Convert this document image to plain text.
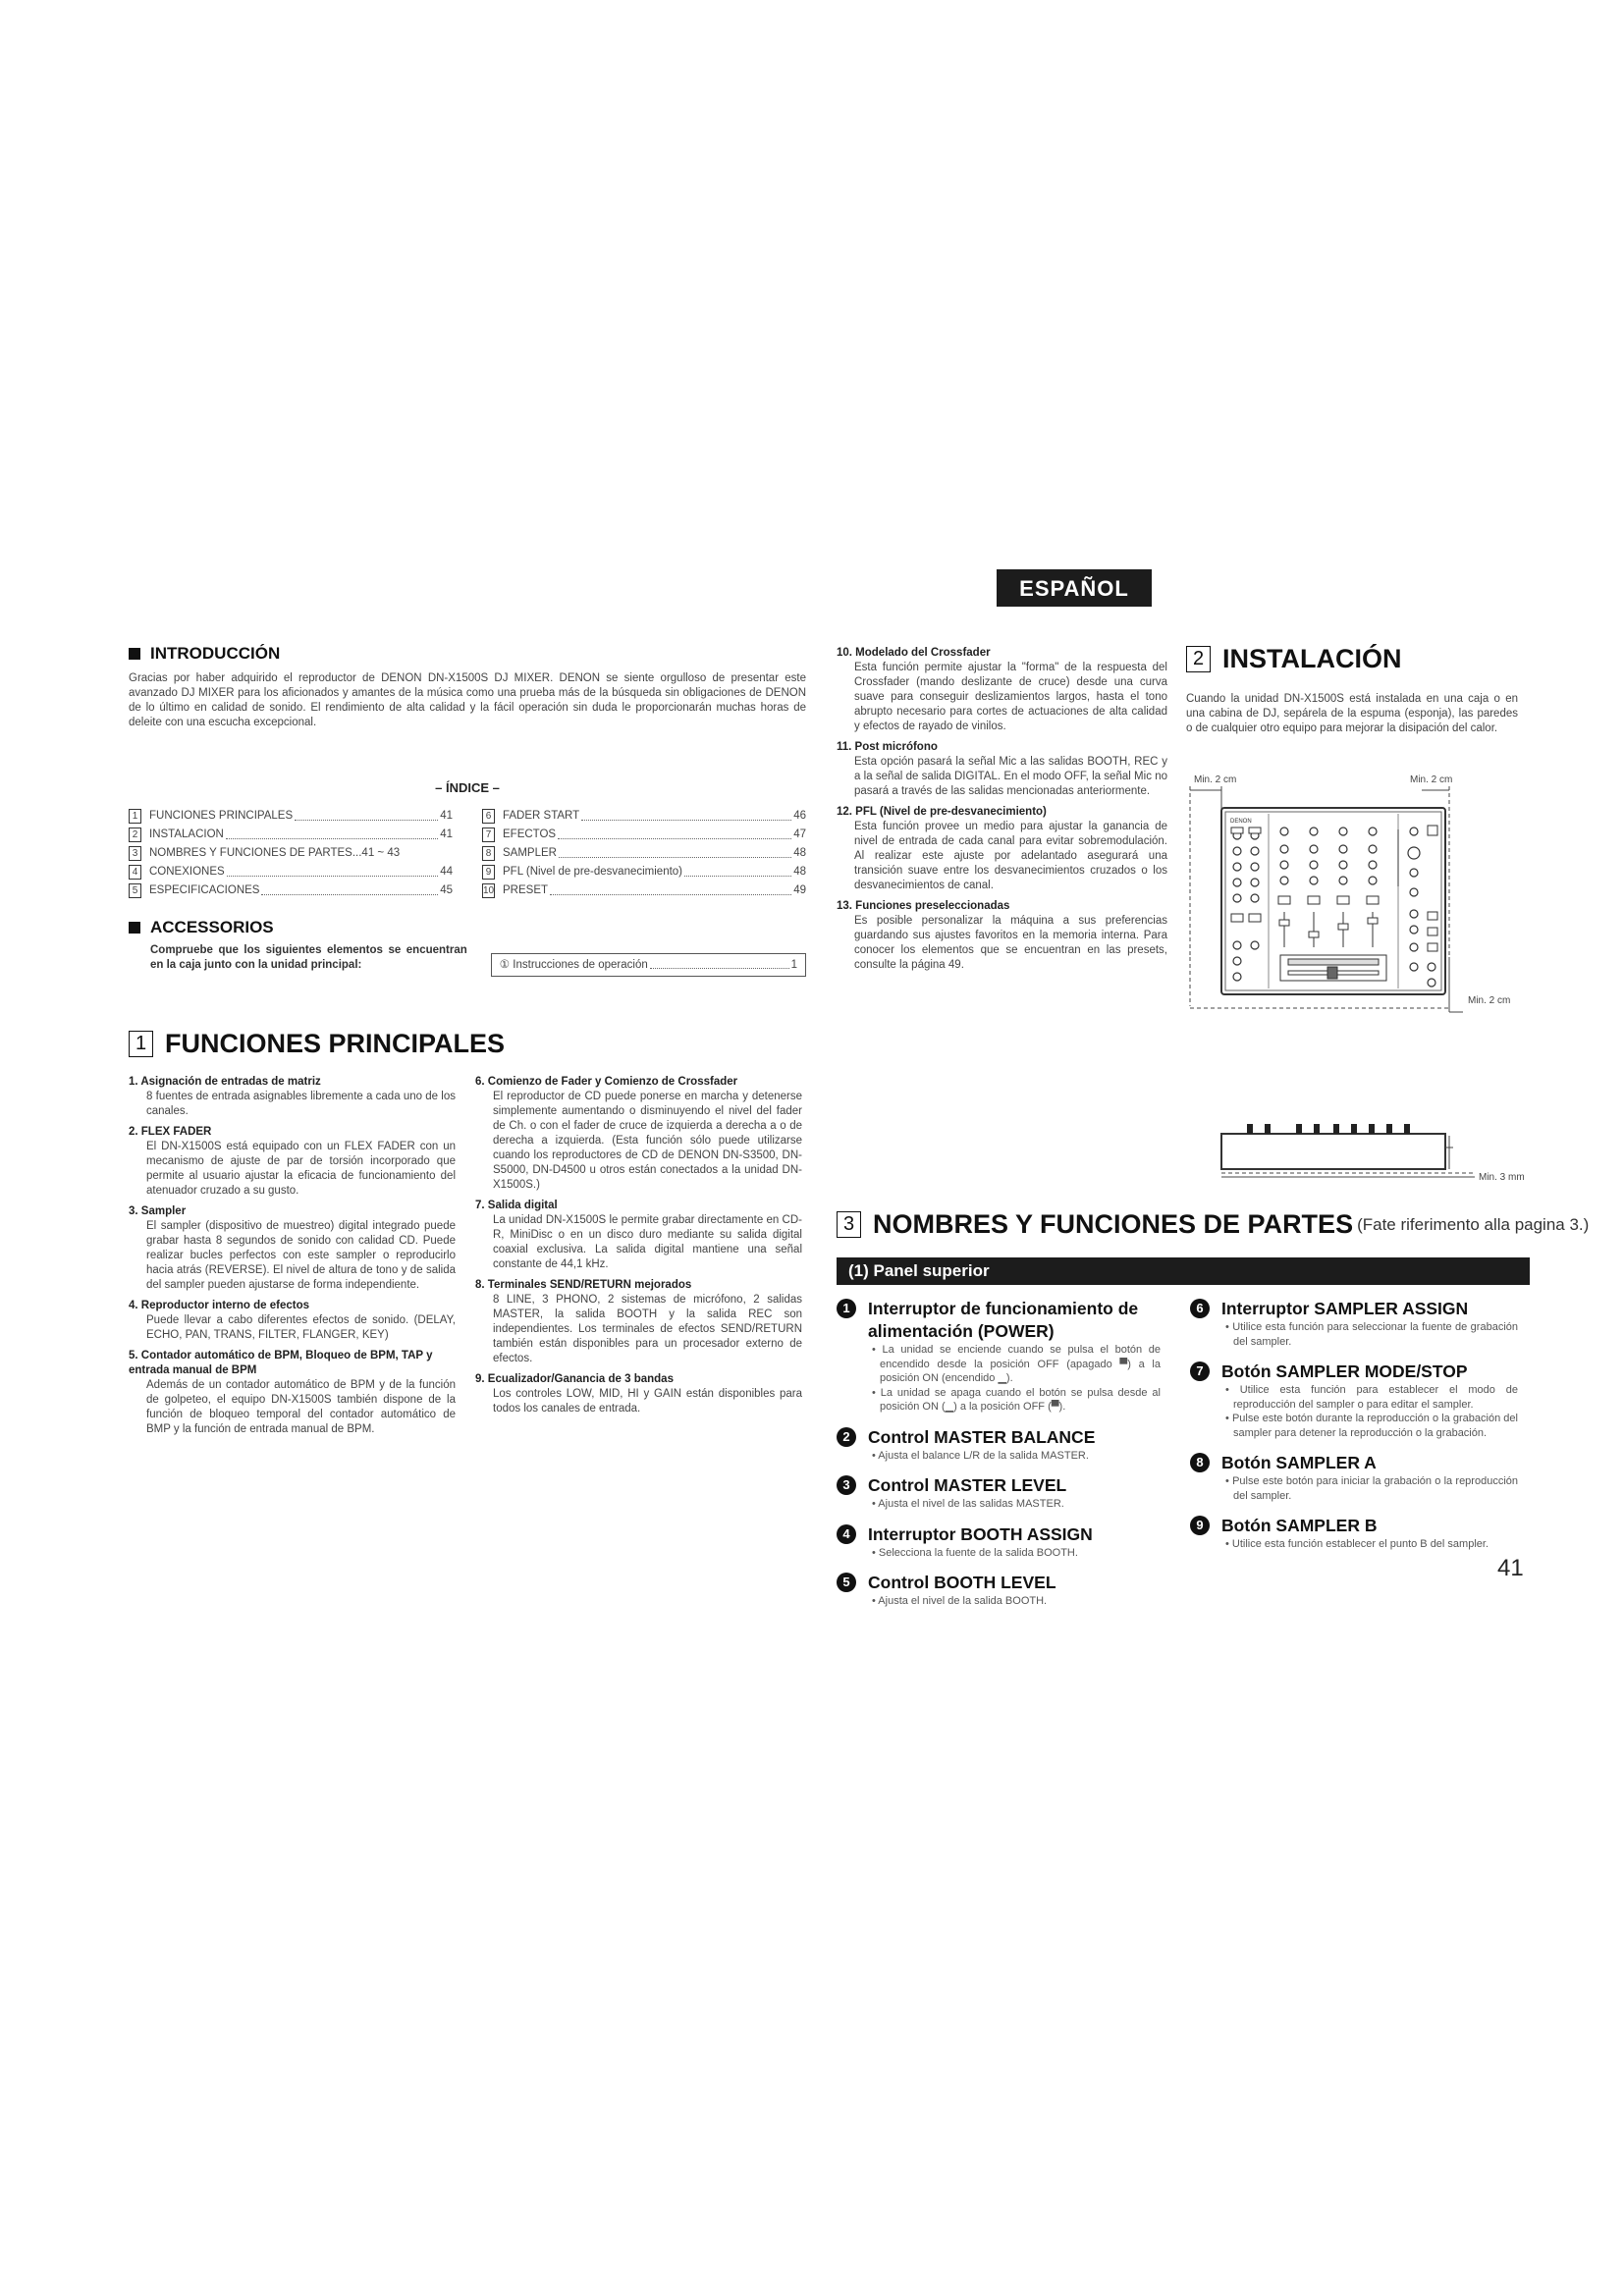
ESPAÑOL
INTRODUCCIÓN

Gracias por haber adquirido el reproductor de DENON DN-X1500S DJ MIXER. DENON se siente orgulloso de presentar este avanzado DJ MIXER para los aficionados y amantes de la música como una prueba más de la búsqueda sin obligaciones de DENON de lo último en calidad de sonido. El rendimiento de alta calidad y la fácil operación sin duda le proporcionarán muchas horas de deleite con una escucha excepcional.

– ÍNDICE –
1	FUNCIONES PRINCIPALES	41
2	INSTALACION	41
3	NOMBRES Y FUNCIONES DE PARTES...41 ~ 43
4	CONEXIONES	44
5	ESPECIFICACIONES	45
6	FADER START	46
7	EFECTOS	47
8	SAMPLER	48
9	PFL (Nivel de pre-desvanecimiento)	48
10 PRESET	49
ACCESSORIOS

Compruebe que los siguientes elementos se encuentran en la caja junto con la unidad principal:	① Instrucciones de operación	1
1 FUNCIONES PRINCIPALES
1. Asignación de entradas de matriz
8 fuentes de entrada asignables libremente a cada uno de los canales.
2. FLEX FADER
El DN-X1500S está equipado con un FLEX FADER con un mecanismo de ajuste de par de torsión incorporado que permite al usuario ajustar la eficacia de funcionamiento del atenuador cruzado a su gusto.
3. Sampler
El sampler (dispositivo de muestreo) digital integrado puede grabar hasta 8 segundos de sonido con calidad CD. Puede realizar bucles perfectos con este sampler o reproducirlo hacia atrás (REVERSE). El nivel de altura de tono y de salida del sampler pueden ajustarse de forma independiente.
4. Reproductor interno de efectos
Puede llevar a cabo diferentes efectos de sonido. (DELAY, ECHO, PAN, TRANS, FILTER, FLANGER, KEY)
5. Contador automático de BPM, Bloqueo de BPM, TAP y entrada manual de BPM
Además de un contador automático de BPM y de la función de golpeteo, el equipo DN-X1500S también dispone de la función de bloqueo temporal del contador automático de BMP y la función de entrada manual de BPM.
6. Comienzo de Fader y Comienzo de Crossfader
El reproductor de CD puede ponerse en marcha y detenerse simplemente aumentando o disminuyendo el nivel del fader de Ch. o con el fader de cruce de izquierda a derecha a o de derecha a izquierda. (Esta función sólo puede utilizarse cuando los reproductores de CD de DENON DN-S3500, DN-S5000, DN-D4500 u otros están conectados a la unidad DN-X1500S.)
7. Salida digital
La unidad DN-X1500S le permite grabar directamente en CD-R, MiniDisc o en un disco duro mediante su salida digital coaxial exclusiva. La salida digital mantiene una señal constante de 44,1 kHz.
8. Terminales SEND/RETURN mejorados
8 LINE, 3 PHONO, 2 sistemas de micrófono, 2 salidas MASTER, la salida BOOTH y la salida REC son independientes. Los terminales de efectos SEND/RETURN también están disponibles para un procesador externo de efectos.
9. Ecualizador/Ganancia de 3 bandas
Los controles LOW, MID, HI y GAIN están disponibles para todos los canales de entrada.
10. Modelado del Crossfader
Esta función permite ajustar la "forma" de la respuesta del Crossfader (mando deslizante de cruce) desde una curva suave para conseguir deslizamientos largos, hasta el tono abrupto necesario para cortes de actuaciones de alta calidad y efectos de rayado de vinilos.
11. Post micrófono
Esta opción pasará la señal Mic a las salidas BOOTH, REC y a la señal de salida DIGITAL. En el modo OFF, la señal Mic no pasará a través de las salidas mencionadas anteriormente.
12. PFL (Nivel de pre-desvanecimiento)
Esta función provee un medio para ajustar la ganancia de nivel de entrada de cada canal para evitar sobremodulación. Al realizar este ajuste por adelantado asegurará una transición suave entre los desvanecimientos cruzados o los desvanecimientos de canal.
13. Funciones preseleccionadas
Es posible personalizar la máquina a sus preferencias guardando sus ajustes favoritos en la memoria interna. Para conocer los elementos que se encuentran en las presets, consulte la página 49.
2 INSTALACIÓN

Cuando la unidad DN-X1500S está instalada en una caja o en una cabina de DJ, sepárela de la espuma (esponja), las paredes o de cualquier otro equipo para mejorar la disipación del calor.

Min. 2 cm	Min. 2 cm
Min. 2 cm
Min. 3 mm
DENON
3 NOMBRES Y FUNCIONES DE PARTES (Fate riferimento alla pagina 3.)
(1) Panel superior
1	Interruptor de funcionamiento de alimentación (POWER)
• La unidad se enciende cuando se pulsa el botón de encendido desde la posición OFF (apagado ▀) a la posición ON (encendido ▁).
• La unidad se apaga cuando el botón se pulsa desde al posición ON (▁) a la posición OFF (▀).
2	Control MASTER BALANCE
• Ajusta el balance L/R de la salida MASTER.
3	Control MASTER LEVEL
• Ajusta el nivel de las salidas MASTER.
4	Interruptor BOOTH ASSIGN
• Selecciona la fuente de la salida BOOTH.
5	Control BOOTH LEVEL
• Ajusta el nivel de la salida BOOTH.
6	Interruptor SAMPLER ASSIGN
• Utilice esta función para seleccionar la fuente de grabación del sampler.
7	Botón SAMPLER MODE/STOP
• Utilice esta función para establecer el modo de reproducción del sampler o para editar el sampler.
• Pulse este botón durante la reproducción o la grabación del sampler para detener la reproducción o la grabación.
8	Botón SAMPLER A
• Pulse este botón para iniciar la grabación o la reproducción del sampler.
9	Botón SAMPLER B
• Utilice esta función establecer el punto B del sampler.
41
